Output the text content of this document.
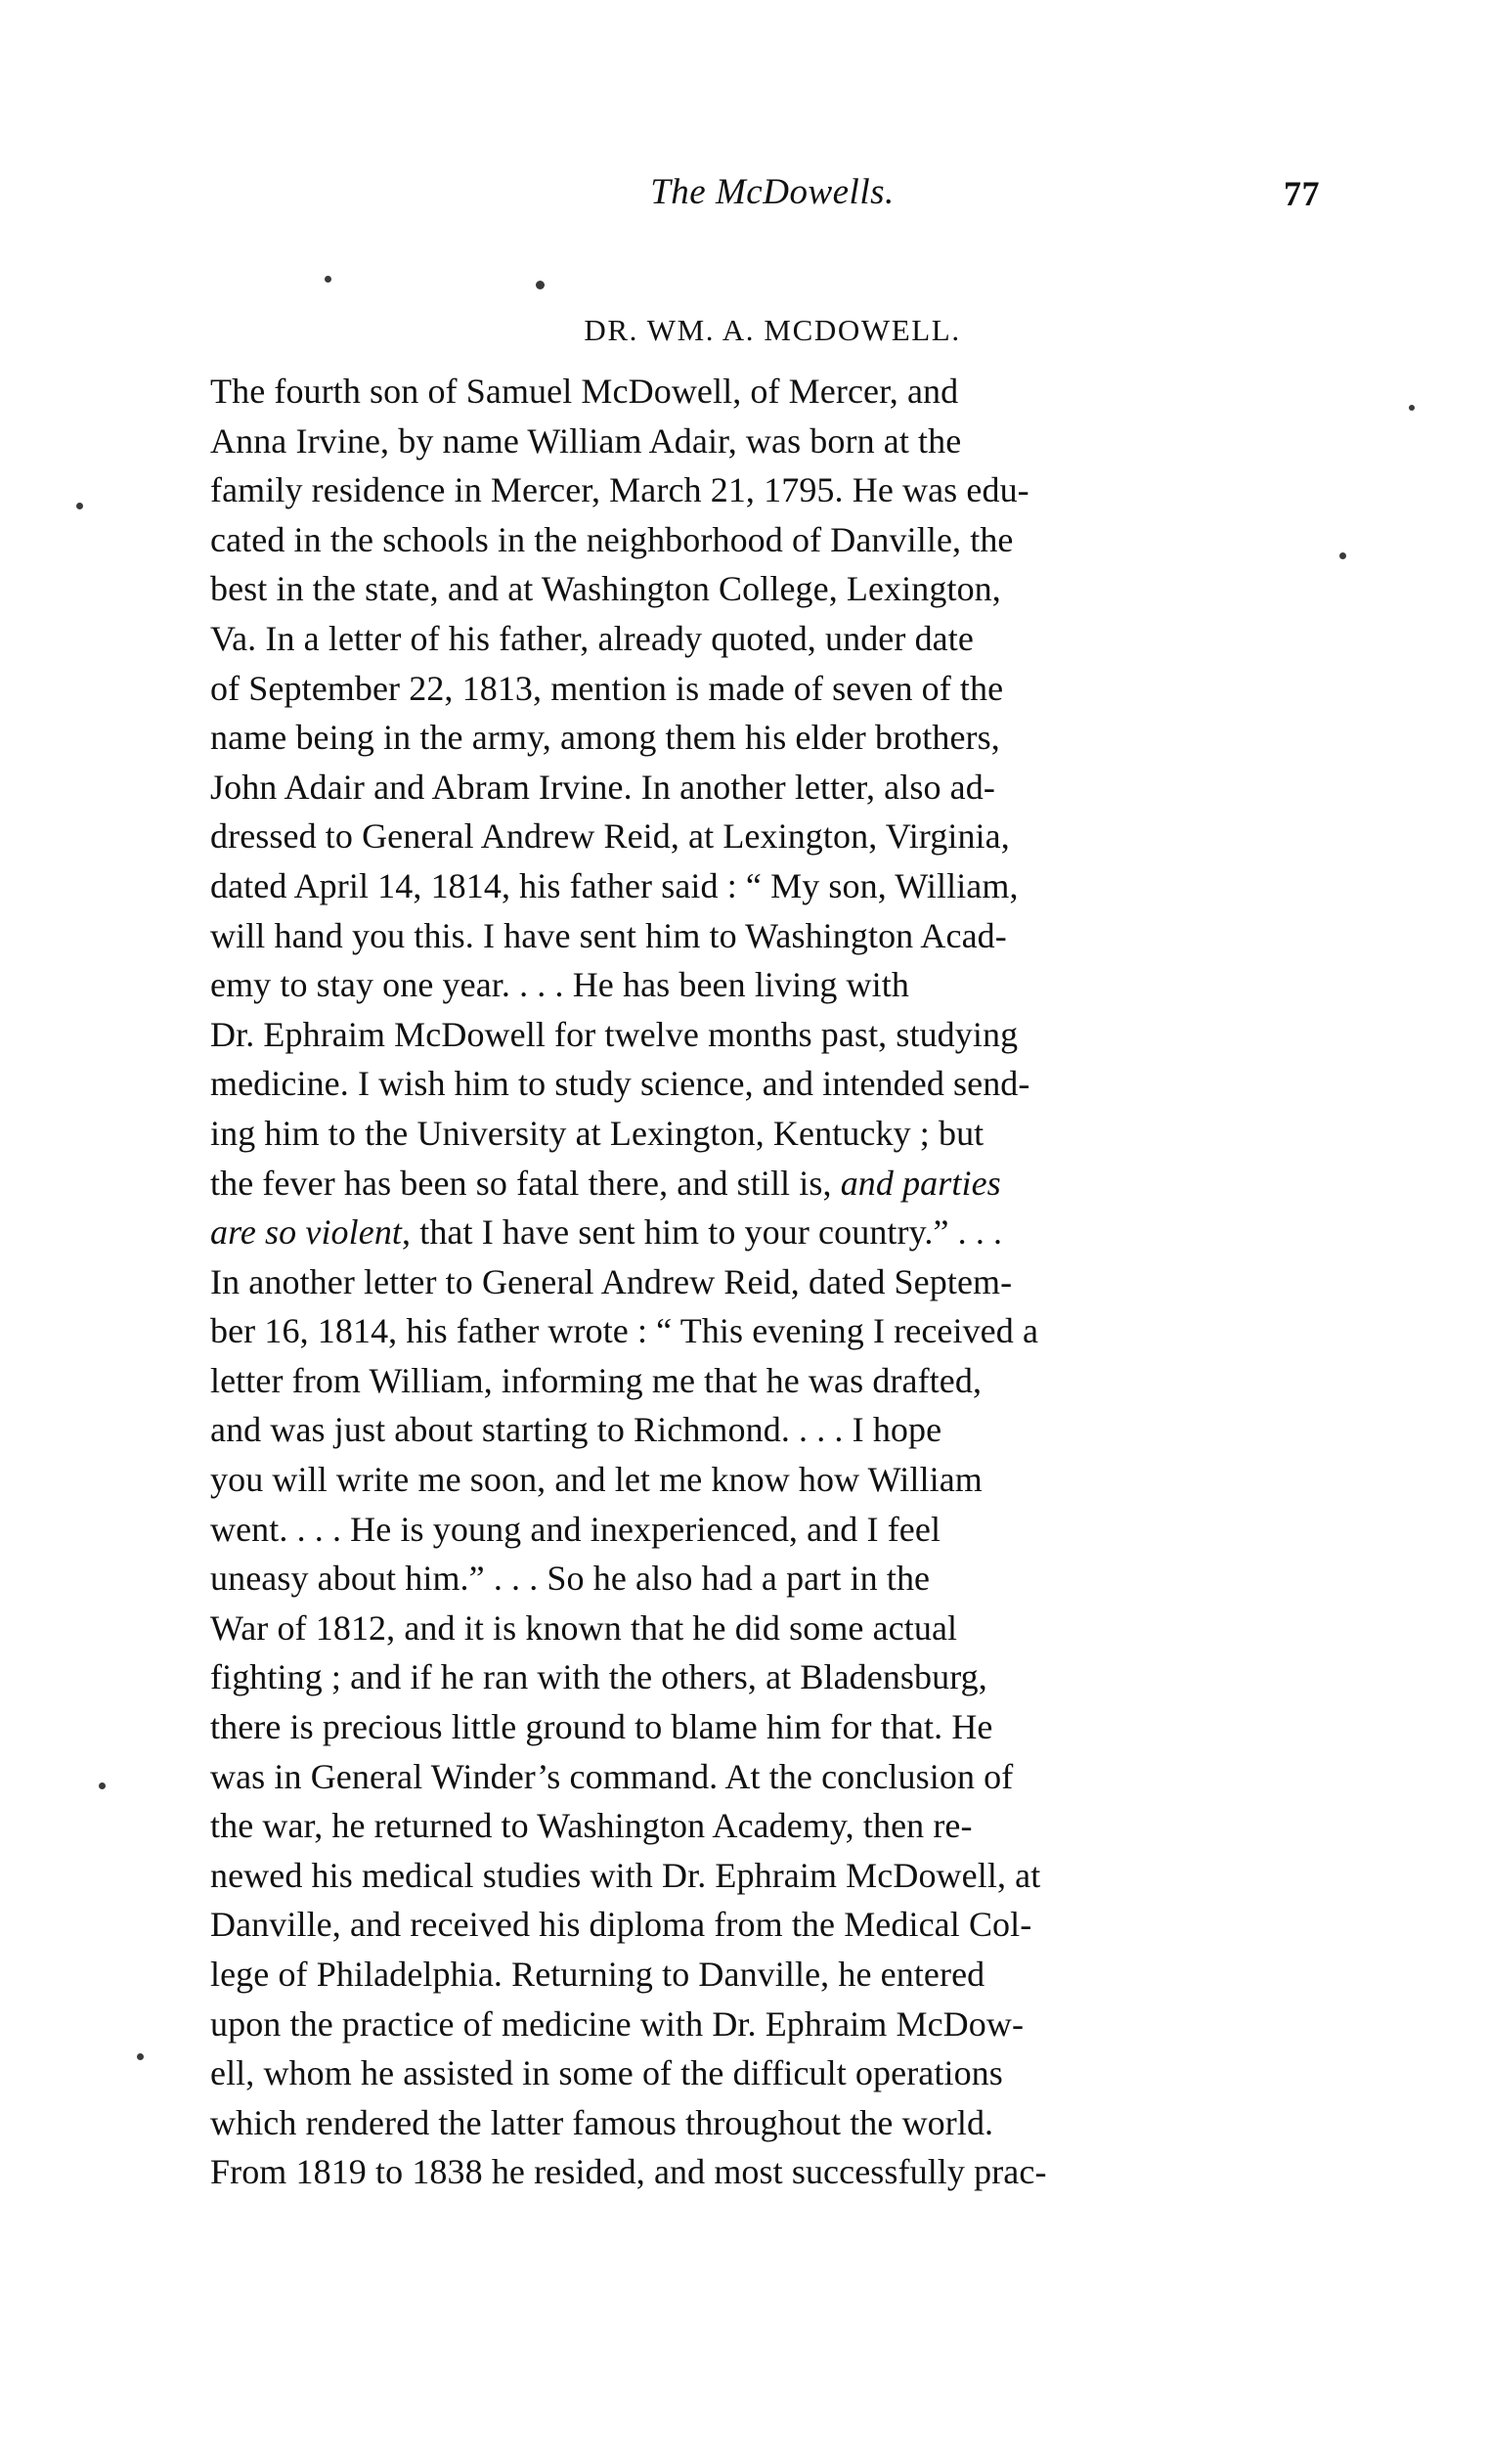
The McDowells.	77
DR. WM. A. MCDOWELL.
The fourth son of Samuel McDowell, of Mercer, and
Anna Irvine, by name William Adair, was born at the
family residence in Mercer, March 21, 1795. He was edu-
cated in the schools in the neighborhood of Danville, the
best in the state, and at Washington College, Lexington,
Va. In a letter of his father, already quoted, under date
of September 22, 1813, mention is made of seven of the
name being in the army, among them his elder brothers,
John Adair and Abram Irvine. In another letter, also ad-
dressed to General Andrew Reid, at Lexington, Virginia,
dated April 14, 1814, his father said : “ My son, William,
will hand you this. I have sent him to Washington Acad-
emy to stay one year. . . . He has been living with
Dr. Ephraim McDowell for twelve months past, studying
medicine. I wish him to study science, and intended send-
ing him to the University at Lexington, Kentucky ; but
the fever has been so fatal there, and still is, and parties
are so violent, that I have sent him to your country.” . . .
In another letter to General Andrew Reid, dated Septem-
ber 16, 1814, his father wrote : “ This evening I received a
letter from William, informing me that he was drafted,
and was just about starting to Richmond. . . . I hope
you will write me soon, and let me know how William
went. . . . He is young and inexperienced, and I feel
uneasy about him.” . . . So he also had a part in the
War of 1812, and it is known that he did some actual
fighting ; and if he ran with the others, at Bladensburg,
there is precious little ground to blame him for that. He
was in General Winder’s command. At the conclusion of
the war, he returned to Washington Academy, then re-
newed his medical studies with Dr. Ephraim McDowell, at
Danville, and received his diploma from the Medical Col-
lege of Philadelphia. Returning to Danville, he entered
upon the practice of medicine with Dr. Ephraim McDow-
ell, whom he assisted in some of the difficult operations
which rendered the latter famous throughout the world.
From 1819 to 1838 he resided, and most successfully prac-
